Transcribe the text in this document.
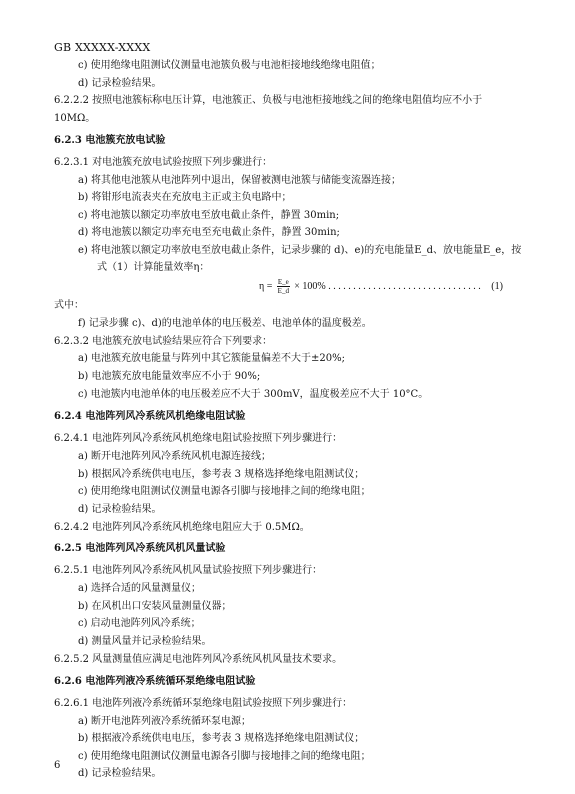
GB XXXXX-XXXX
c) 使用绝缘电阻测试仪测量电池簇负极与电池柜接地线绝缘电阻值；
d) 记录检验结果。
6.2.2.2 按照电池簇标称电压计算，电池簇正、负极与电池柜接地线之间的绝缘电阻值均应不小于
10MΩ。
6.2.3 电池簇充放电试验
6.2.3.1 对电池簇充放电试验按照下列步骤进行：
a) 将其他电池簇从电池阵列中退出，保留被测电池簇与储能变流器连接；
b) 将钳形电流表夹在充放电主正或主负电路中；
c) 将电池簇以额定功率放电至放电截止条件，静置 30min;
d) 将电池簇以额定功率充电至充电截止条件，静置 30min;
e) 将电池簇以额定功率放电至放电截止条件，记录步骤的 d)、e)的充电能量E_d、放电能量E_e，按
式（1）计算能量效率η：
式中：
f) 记录步骤 c)、d)的电池单体的电压极差、电池单体的温度极差。
6.2.3.2 电池簇充放电试验结果应符合下列要求：
a) 电池簇充放电能量与阵列中其它簇能量偏差不大于±20%;
b) 电池簇充放电能量效率应不小于 90%;
c) 电池簇内电池单体的电压极差应不大于 300mV，温度极差应不大于 10°C。
6.2.4 电池阵列风冷系统风机绝缘电阻试验
6.2.4.1 电池阵列风冷系统风机绝缘电阻试验按照下列步骤进行：
a) 断开电池阵列风冷系统风机电源连接线；
b) 根据风冷系统供电电压，参考表 3 规格选择绝缘电阻测试仪；
c) 使用绝缘电阻测试仪测量电源各引脚与接地排之间的绝缘电阻；
d) 记录检验结果。
6.2.4.2 电池阵列风冷系统风机绝缘电阻应大于 0.5MΩ。
6.2.5 电池阵列风冷系统风机风量试验
6.2.5.1 电池阵列风冷系统风机风量试验按照下列步骤进行：
a) 选择合适的风量测量仪；
b) 在风机出口安装风量测量仪器；
c) 启动电池阵列风冷系统；
d) 测量风量并记录检验结果。
6.2.5.2 风量测量值应满足电池阵列风冷系统风机风量技术要求。
6.2.6 电池阵列液冷系统循环泵绝缘电阻试验
6.2.6.1 电池阵列液冷系统循环泵绝缘电阻试验按照下列步骤进行：
a) 断开电池阵列液冷系统循环泵电源；
b) 根据液冷系统供电电压，参考表 3 规格选择绝缘电阻测试仪；
c) 使用绝缘电阻测试仪测量电源各引脚与接地排之间的绝缘电阻；
d) 记录检验结果。
$\eta = \frac{E\_e}{E\_d} \times 100\%$ . . . . . . . . . . . . . . . . . . . . . . . . . . . . . . . (1)
6
